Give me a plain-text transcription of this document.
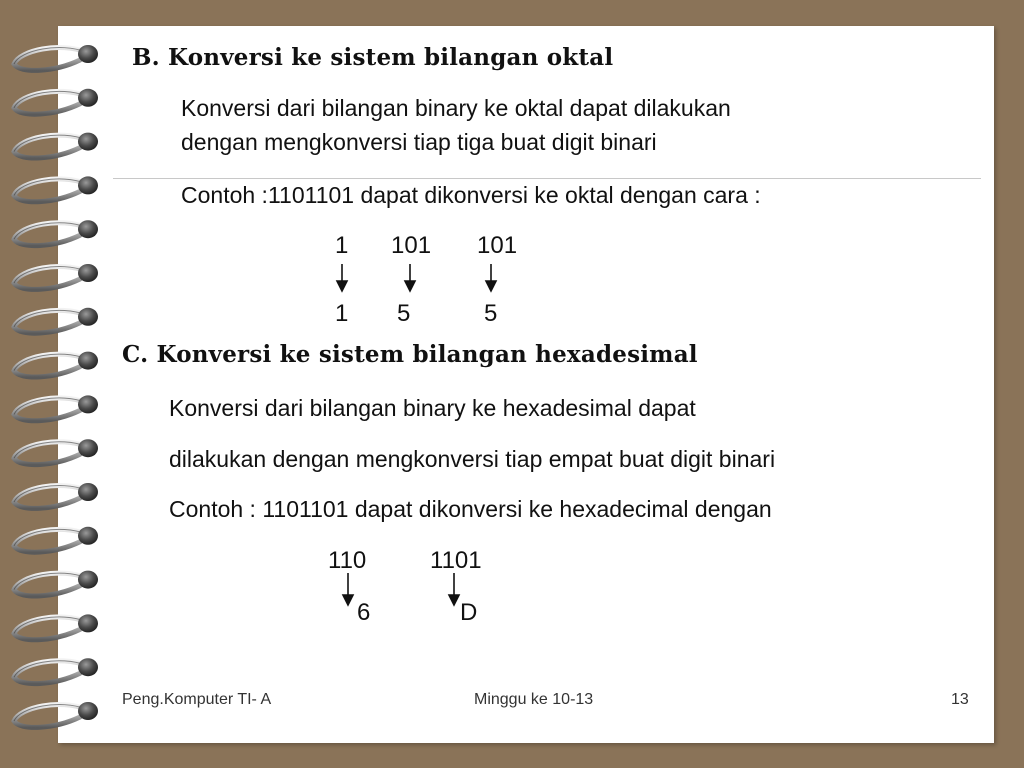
B. Konversi ke sistem bilangan oktal
Konversi dari bilangan binary ke oktal dapat dilakukan
dengan mengkonversi tiap tiga buat digit binari
Contoh :1101101 dapat dikonversi ke oktal dengan cara :
1 101 101
1 5	5
C. Konversi ke sistem bilangan hexadesimal
Konversi dari bilangan binary ke hexadesimal dapat
dilakukan dengan mengkonversi tiap empat buat digit binari
Contoh : 1101101 dapat dikonversi ke hexadecimal dengan
110	1101
6	D
Peng.Komputer TI- A	Minggu ke 10-13	13
